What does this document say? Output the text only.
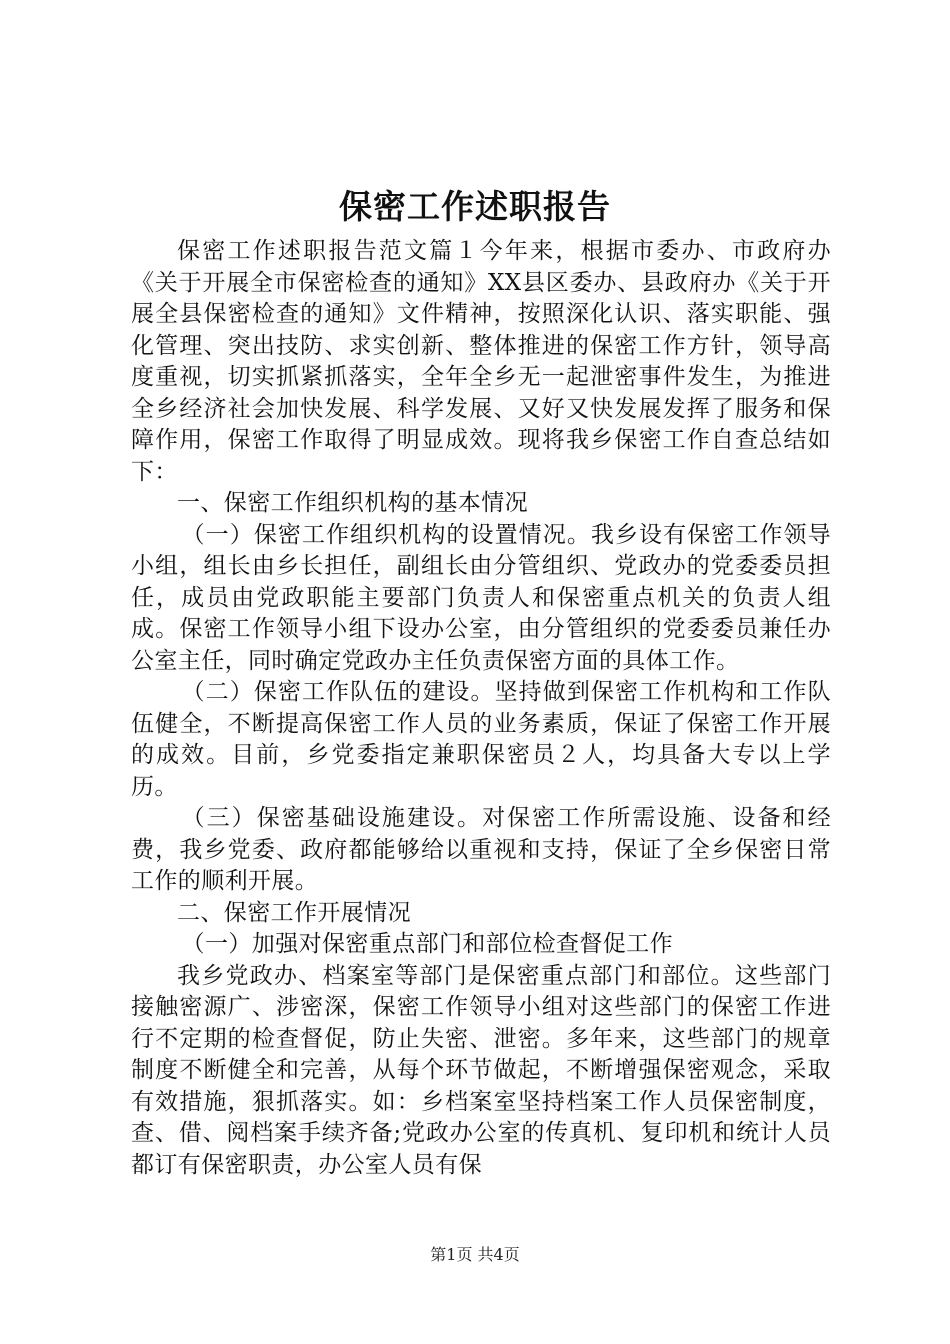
保密工作述职报告

保密工作述职报告范文篇１今年来，根据市委办、市政府办《关于开展全市保密检查的通知》XX县区委办、县政府办《关于开展全县保密检查的通知》文件精神，按照深化认识、落实职能、强化管理、突出技防、求实创新、整体推进的保密工作方针，领导高度重视，切实抓紧抓落实，全年全乡无一起泄密事件发生，为推进全乡经济社会加快发展、科学发展、又好又快发展发挥了服务和保障作用，保密工作取得了明显成效。现将我乡保密工作自查总结如下：

一、保密工作组织机构的基本情况

（一）保密工作组织机构的设置情况。我乡设有保密工作领导小组，组长由乡长担任，副组长由分管组织、党政办的党委委员担任，成员由党政职能主要部门负责人和保密重点机关的负责人组成。保密工作领导小组下设办公室，由分管组织的党委委员兼任办公室主任，同时确定党政办主任负责保密方面的具体工作。

（二）保密工作队伍的建设。坚持做到保密工作机构和工作队伍健全，不断提高保密工作人员的业务素质，保证了保密工作开展的成效。目前，乡党委指定兼职保密员２人，均具备大专以上学历。

（三）保密基础设施建设。对保密工作所需设施、设备和经费，我乡党委、政府都能够给以重视和支持，保证了全乡保密日常工作的顺利开展。

二、保密工作开展情况

（一）加强对保密重点部门和部位检查督促工作

我乡党政办、档案室等部门是保密重点部门和部位。这些部门接触密源广、涉密深，保密工作领导小组对这些部门的保密工作进行不定期的检查督促，防止失密、泄密。多年来，这些部门的规章制度不断健全和完善，从每个环节做起，不断增强保密观念，采取有效措施，狠抓落实。如：乡档案室坚持档案工作人员保密制度，查、借、阅档案手续齐备;党政办公室的传真机、复印机和统计人员都订有保密职责，办公室人员有保

第1页 共4页
